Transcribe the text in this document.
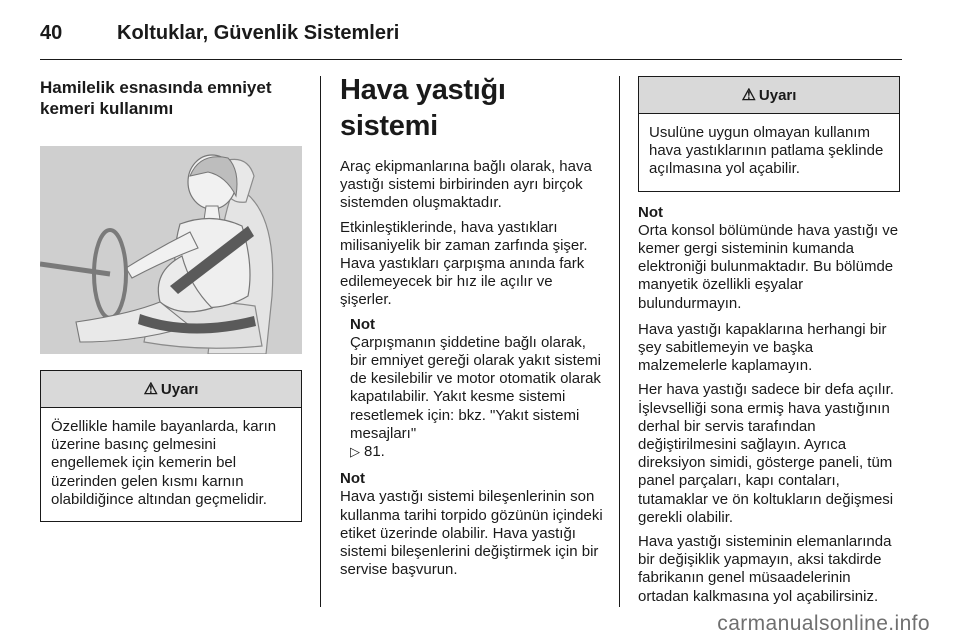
40	Koltuklar, Güvenlik Sistemleri
Hamilelik esnasında emniyet kemeri kullanımı
⚠ Uyarı
Özellikle hamile bayanlarda, karın üzerine basınç gelmesini engellemek için kemerin bel üzerinden gelen kısmı karnın olabildiğince altından geçmelidir.
Hava yastığı sistemi

Araç ekipmanlarına bağlı olarak, hava yastığı sistemi birbirinden ayrı birçok sistemden oluşmaktadır.

Etkinleştiklerinde, hava yastıkları milisaniyelik bir zaman zarfında şişer. Hava yastıkları çarpışma anında fark edilemeyecek bir hız ile açılır ve şişerler.

Not

Çarpışmanın şiddetine bağlı olarak, bir emniyet gereği olarak yakıt sistemi de kesilebilir ve motor otomatik olarak kapatılabilir. Yakıt kesme sistemi resetlemek için: bkz. "Yakıt sistemi mesajları"
▷ 81.

Not

Hava yastığı sistemi bileşenlerinin son kullanma tarihi torpido gözünün içindeki etiket üzerinde olabilir. Hava yastığı sistemi bileşenlerini değiştirmek için bir servise başvurun.

⚠ Uyarı
Usulüne uygun olmayan kullanım hava yastıklarının patlama şeklinde açılmasına yol açabilir.
Not

Orta konsol bölümünde hava yastığı ve kemer gergi sisteminin kumanda elektroniği bulunmaktadır. Bu bölümde manyetik özellikli eşyalar bulundurmayın.

Hava yastığı kapaklarına herhangi bir şey sabitlemeyin ve başka malzemelerle kaplamayın.

Her hava yastığı sadece bir defa açılır. İşlevselliği sona ermiş hava yastığının derhal bir servis tarafından değiştirilmesini sağlayın. Ayrıca direksiyon simidi, gösterge paneli, tüm panel parçaları, kapı contaları, tutamaklar ve ön koltukların değişmesi gerekli olabilir.

Hava yastığı sisteminin elemanlarında bir değişiklik yapmayın, aksi takdirde fabrikanın genel müsaadelerinin ortadan kalkmasına yol açabilirsiniz.

carmanualsonline.info
